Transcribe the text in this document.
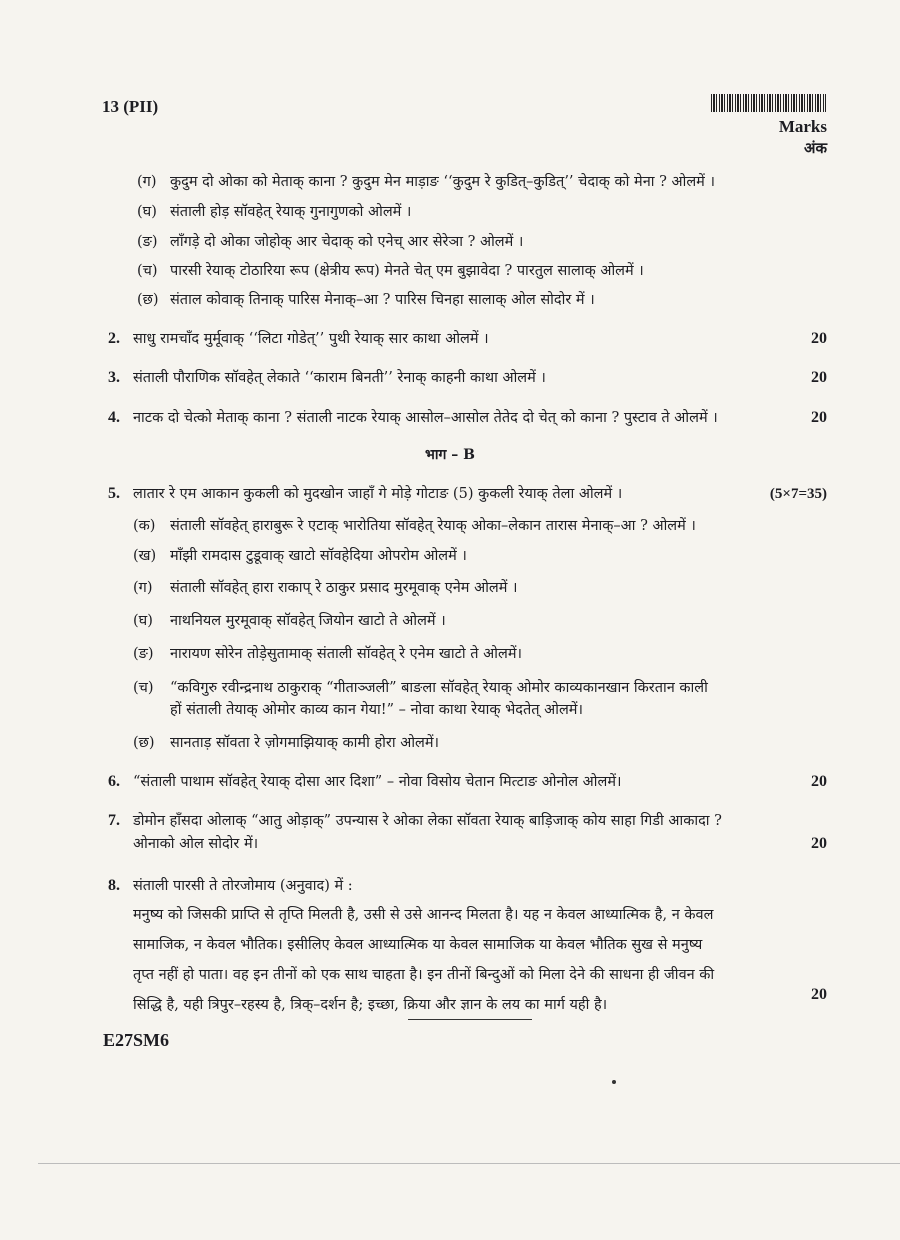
13 (PII)
Marks
अंक
(ग) कुदुम दो ओका को मेताक् काना ? कुदुम मेन माड़ाङ ‘‘कुदुम रे कुडित्–कुडित्’’ चेदाक् को मेना ? ओलमें ।
(घ) संताली होड़ सॉवहेत् रेयाक् गुनागुणको ओलमें ।
(ङ) लाँगड़े दो ओका जोहोक् आर चेदाक् को एनेच् आर सेरेञा ? ओलमें ।
(च) पारसी रेयाक् टोठारिया रूप (क्षेत्रीय रूप) मेनते चेत् एम बुझावेदा ? पारतुल सालाक् ओलमें ।
(छ) संताल कोवाक् तिनाक् पारिस मेनाक्–आ ? पारिस चिनहा सालाक् ओल सोदोर में ।
2. साधु रामचाँद मुर्मूवाक् ‘‘लिटा गोडेत्’’ पुथी रेयाक् सार काथा ओलमें ।	20
3. संताली पौराणिक सॉवहेत् लेकाते ‘‘काराम बिनती’’ रेनाक् काहनी काथा ओलमें ।	20
4. नाटक दो चेत्को मेताक् काना ? संताली नाटक रेयाक् आसोल–आसोल तेतेद दो चेत् को काना ? पुस्टाव ते ओलमें ।	20
भाग – B
5. लातार रे एम आकान कुकली को मुदखोन जाहाँ गे मोड़े गोटाङ (5) कुकली रेयाक् तेला ओलमें ।	(5×7=35)
(क) संताली सॉवहेत् हाराबुरू रे एटाक् भारोतिया सॉवहेत् रेयाक् ओका–लेकान तारास मेनाक्–आ ? ओलमें ।
(ख) माँझी रामदास टुडूवाक् खाटो सॉवहेदिया ओपरोम ओलमें ।
(ग) संताली सॉवहेत् हारा राकाप् रे ठाकुर प्रसाद मुरमूवाक् एनेम ओलमें ।
(घ) नाथनियल मुरमूवाक् सॉवहेत् जियोन खाटो ते ओलमें ।
(ङ) नारायण सोरेन तोड़ेसुतामाक् संताली सॉवहेत् रे एनेम खाटो ते ओलमें।
(च) “कविगुरु रवीन्द्रनाथ ठाकुराक् “गीताञ्जली” बाङला सॉवहेत् रेयाक् ओमोर काव्यकानखान किरतान काली
हों संताली तेयाक् ओमोर काव्य कान गेया!” – नोवा काथा रेयाक् भेदतेत् ओलमें।
(छ) सानताड़ सॉवता रे ज़ोगमाझियाक् कामी होरा ओलमें।
6. “संताली पाथाम सॉवहेत् रेयाक् दोसा आर दिशा” – नोवा विसोय चेतान मित्टाङ ओनोल ओलमें।	20
7. डोमोन हाँसदा ओलाक् “आतु ओड़ाक्” उपन्यास रे ओका लेका सॉवता रेयाक् बाड़िजाक् कोय साहा गिडी आकादा ?
ओनाको ओल सोदोर में।	20
8. संताली पारसी ते तोरजोमाय (अनुवाद) में :
मनुष्य को जिसकी प्राप्ति से तृप्ति मिलती है, उसी से उसे आनन्द मिलता है। यह न केवल आध्यात्मिक है, न केवल
सामाजिक, न केवल भौतिक। इसीलिए केवल आध्यात्मिक या केवल सामाजिक या केवल भौतिक सुख से मनुष्य
तृप्त नहीं हो पाता। वह इन तीनों को एक साथ चाहता है। इन तीनों बिन्दुओं को मिला देने की साधना ही जीवन की
सिद्धि है, यही त्रिपुर–रहस्य है, त्रिक्–दर्शन है; इच्छा, क्रिया और ज्ञान के लय का मार्ग यही है।
20
E27SM6
